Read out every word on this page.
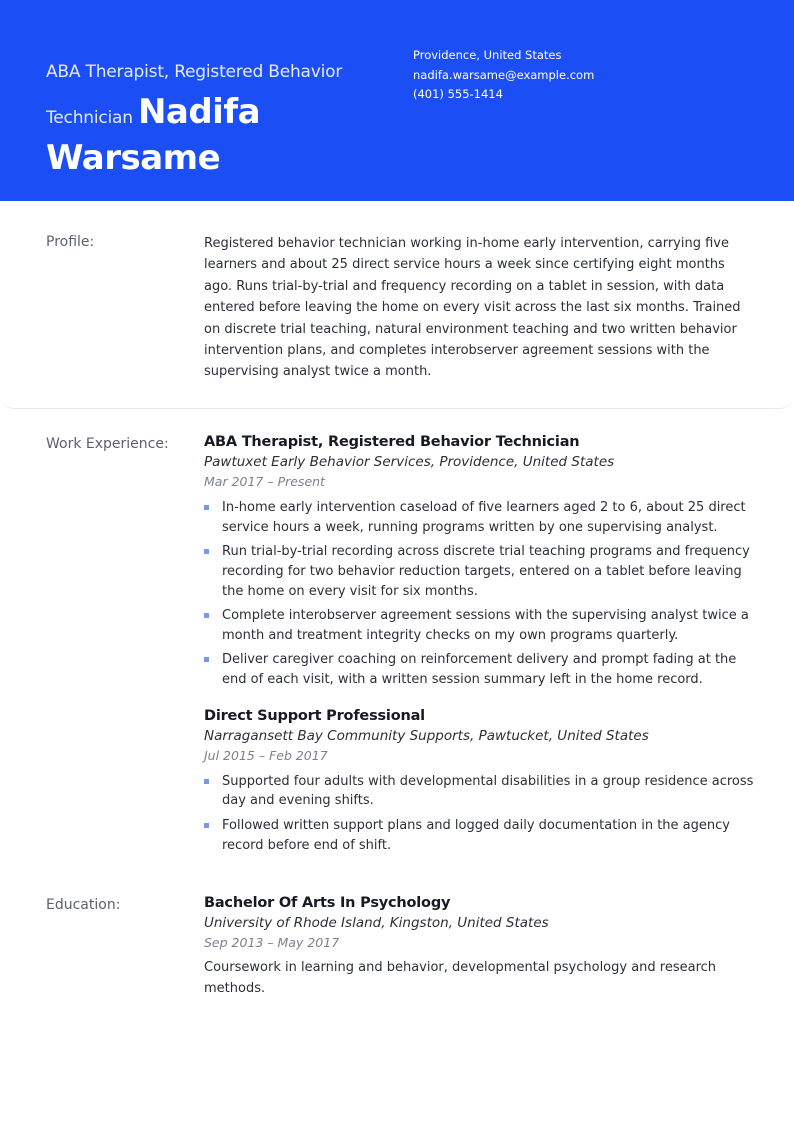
ABA Therapist, Registered Behavior Technician Nadifa Warsame
Providence, United States
nadifa.warsame@example.com
(401) 555-1414
Profile:	Registered behavior technician working in-home early intervention, carrying five learners and about 25 direct service hours a week since certifying eight months ago. Runs trial-by-trial and frequency recording on a tablet in session, with data entered before leaving the home on every visit across the last six months. Trained on discrete trial teaching, natural environment teaching and two written behavior intervention plans, and completes interobserver agreement sessions with the supervising analyst twice a month.
Work Experience: ABA Therapist, Registered Behavior Technician
Pawtuxet Early Behavior Services, Providence, United States
Mar 2017 – Present
In-home early intervention caseload of five learners aged 2 to 6, about 25 direct service hours a week, running programs written by one supervising analyst.
Run trial-by-trial recording across discrete trial teaching programs and frequency recording for two behavior reduction targets, entered on a tablet before leaving the home on every visit for six months.
Complete interobserver agreement sessions with the supervising analyst twice a month and treatment integrity checks on my own programs quarterly.
Deliver caregiver coaching on reinforcement delivery and prompt fading at the end of each visit, with a written session summary left in the home record.
Direct Support Professional
Narragansett Bay Community Supports, Pawtucket, United States
Jul 2015 – Feb 2017
Supported four adults with developmental disabilities in a group residence across day and evening shifts.
Followed written support plans and logged daily documentation in the agency record before end of shift.
Education:	Bachelor Of Arts In Psychology
University of Rhode Island, Kingston, United States
Sep 2013 – May 2017
Coursework in learning and behavior, developmental psychology and research methods.
